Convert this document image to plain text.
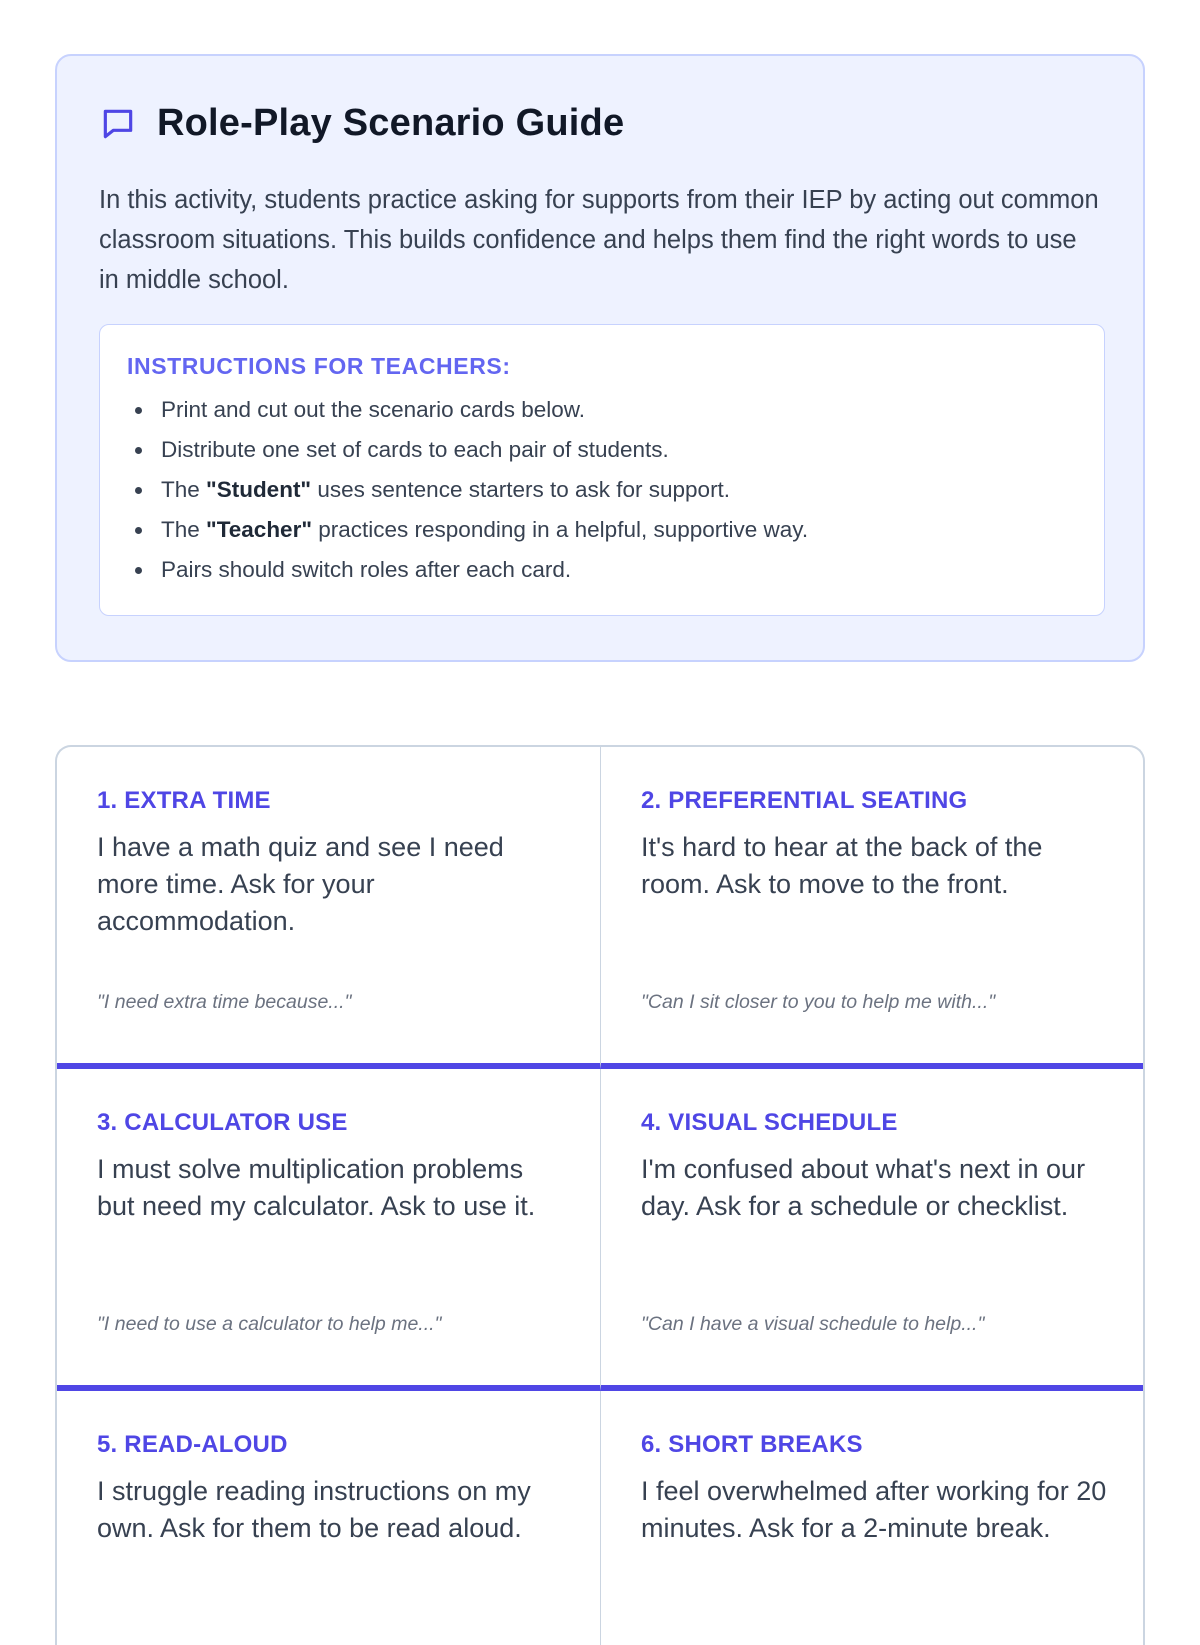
Role-Play Scenario Guide

In this activity, students practice asking for supports from their IEP by acting out common classroom situations. This builds confidence and helps them find the right words to use in middle school.

INSTRUCTIONS FOR TEACHERS:
Print and cut out the scenario cards below.
Distribute one set of cards to each pair of students.
The "Student" uses sentence starters to ask for support.
The "Teacher" practices responding in a helpful, supportive way.
Pairs should switch roles after each card.
1. EXTRA TIME
I have a math quiz and see I need more time. Ask for your accommodation.
"I need extra time because..."
2. PREFERENTIAL SEATING
It's hard to hear at the back of the room. Ask to move to the front.
"Can I sit closer to you to help me with..."
3. CALCULATOR USE
I must solve multiplication problems but need my calculator. Ask to use it.
"I need to use a calculator to help me..."
4. VISUAL SCHEDULE
I'm confused about what's next in our day. Ask for a schedule or checklist.
"Can I have a visual schedule to help..."
5. READ-ALOUD
I struggle reading instructions on my own. Ask for them to be read aloud.
6. SHORT BREAKS
I feel overwhelmed after working for 20 minutes. Ask for a 2-minute break.
